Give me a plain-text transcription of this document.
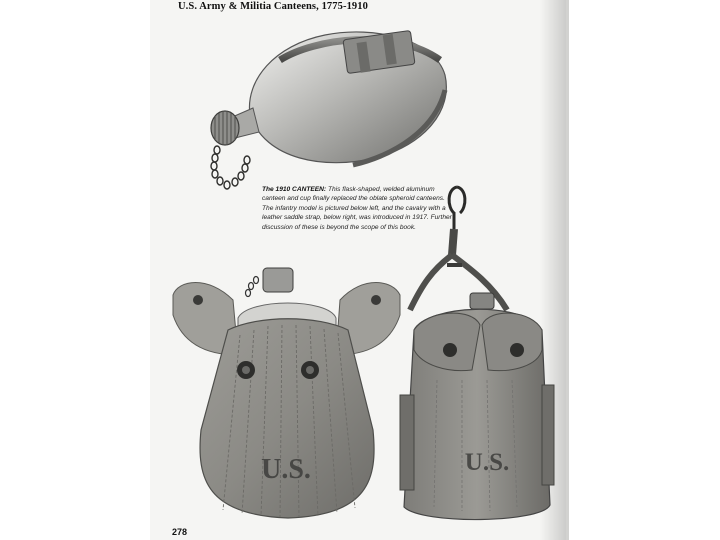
U.S. Army & Militia Canteens, 1775-1910
The 1910 CANTEEN: This flask-shaped, welded aluminum canteen and cup finally replaced the oblate spheroid canteens. The infantry model is pictured below left, and the cavalry with a leather saddle strap, below right, was introduced in 1917. Further discussion of these is beyond the scope of this book.
U.S.	U.S.
278
